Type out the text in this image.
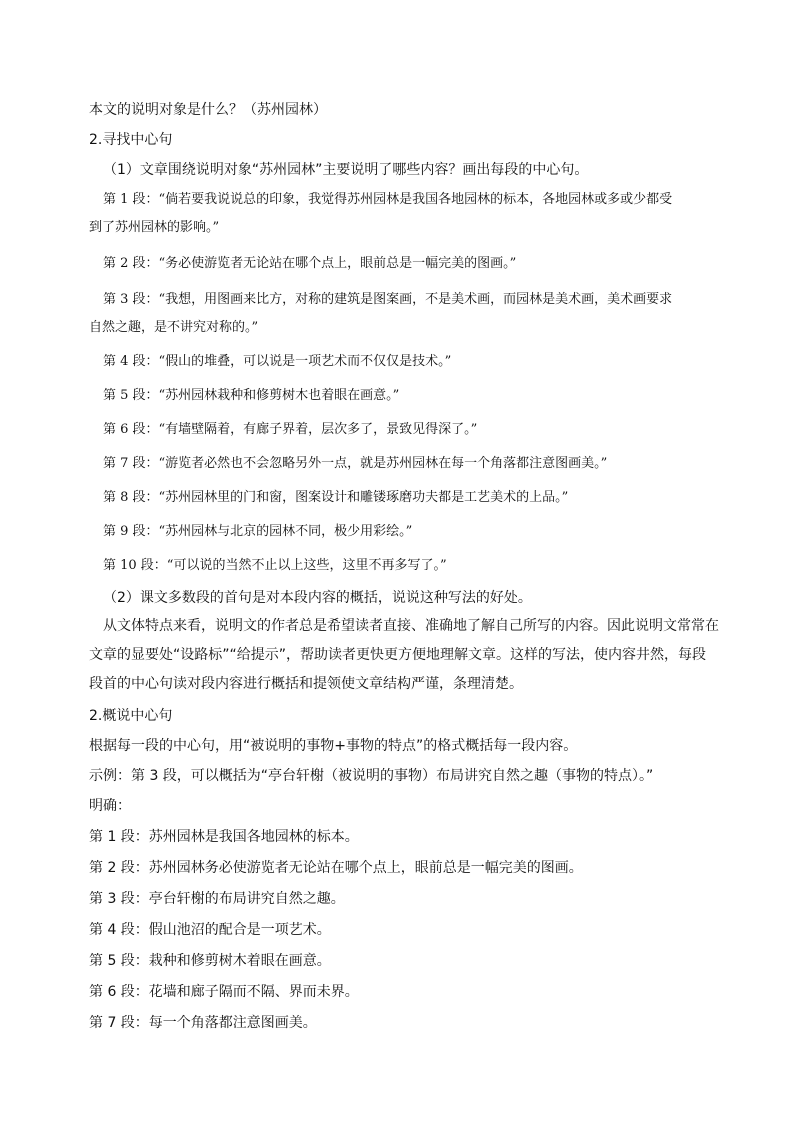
本文的说明对象是什么？（苏州园林）

2.寻找中心句

（1）文章围绕说明对象“苏州园林”主要说明了哪些内容？画出每段的中心句。

第 1 段：“倘若要我说说总的印象，我觉得苏州园林是我国各地园林的标本，各地园林或多或少都受

到了苏州园林的影响。”

第 2 段：“务必使游览者无论站在哪个点上，眼前总是一幅完美的图画。”

第 3 段：“我想，用图画来比方，对称的建筑是图案画，不是美术画，而园林是美术画，美术画要求

自然之趣，是不讲究对称的。”

第 4 段：“假山的堆叠，可以说是一项艺术而不仅仅是技术。”

第 5 段：“苏州园林栽种和修剪树木也着眼在画意。”

第 6 段：“有墙壁隔着，有廊子界着，层次多了，景致见得深了。”

第 7 段：“游览者必然也不会忽略另外一点，就是苏州园林在每一个角落都注意图画美。”

第 8 段：“苏州园林里的门和窗，图案设计和雕镂琢磨功夫都是工艺美术的上品。”

第 9 段：“苏州园林与北京的园林不同，极少用彩绘。”

第 10 段：“可以说的当然不止以上这些，这里不再多写了。”

（2）课文多数段的首句是对本段内容的概括，说说这种写法的好处。

从文体特点来看，说明文的作者总是希望读者直接、准确地了解自己所写的内容。因此说明文常常在

文章的显要处“设路标”“给提示”，帮助读者更快更方便地理解文章。这样的写法，使内容井然，每段

段首的中心句读对段内容进行概括和提领使文章结构严谨，条理清楚。

2.概说中心句

根据每一段的中心句，用“被说明的事物+事物的特点”的格式概括每一段内容。

示例：第 3 段，可以概括为“亭台轩榭（被说明的事物）布局讲究自然之趣（事物的特点）。”

明确：

第 1 段：苏州园林是我国各地园林的标本。

第 2 段：苏州园林务必使游览者无论站在哪个点上，眼前总是一幅完美的图画。

第 3 段：亭台轩榭的布局讲究自然之趣。

第 4 段：假山池沼的配合是一项艺术。

第 5 段：栽种和修剪树木着眼在画意。

第 6 段：花墙和廊子隔而不隔、界而未界。

第 7 段：每一个角落都注意图画美。
